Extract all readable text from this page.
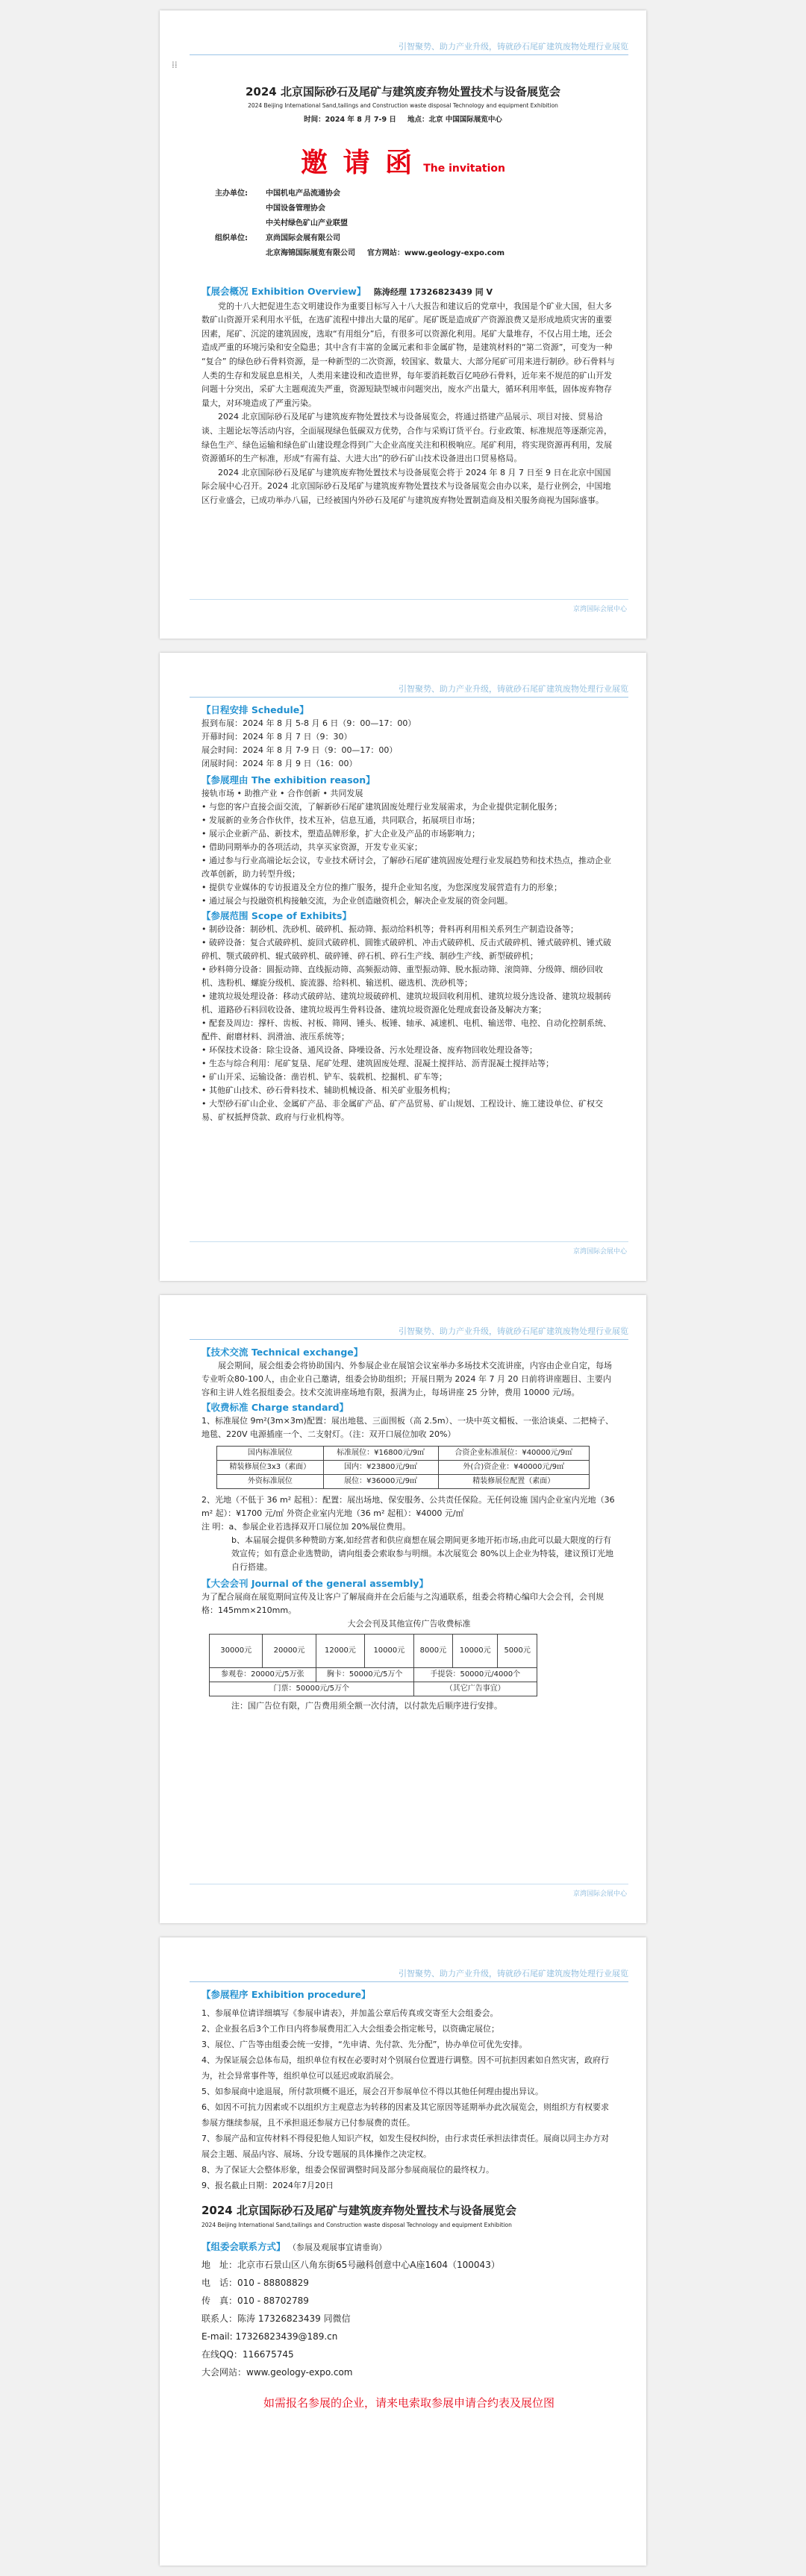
引智聚势、助力产业升级，铸就砂石尾矿建筑废物处理行业展览
⁞⁞
2024 北京国际砂石及尾矿与建筑废弃物处置技术与设备展览会
2024 Beijing International Sand,tailings and Construction waste disposal Technology and equipment Exhibition
时间：2024 年 8 月 7-9 日 地点：北京 中国国际展览中心
邀 请 函 The invitation
主办单位: 中国机电产品流通协会
中国设备管理协会
中关村绿色矿山产业联盟
组织单位: 京尚国际会展有限公司
北京海锦国际展览有限公司 官方网站：www.geology-expo.com
【展会概况 Exhibition Overview】 陈涛经理 17326823439 同 V

党的十八大把促进生态文明建设作为重要目标写入十八大报告和建议后的党章中，我国是个矿业大国，但大多数矿山资源开采利用水平低，在选矿流程中排出大量的尾矿。尾矿既是造成矿产资源浪费又是形成地质灾害的重要因素，尾矿、沉淀的建筑固废，选取“有用组分”后，有很多可以资源化利用。尾矿大量堆存，不仅占用土地，还会造成严重的环境污染和安全隐患；其中含有丰富的金属元素和非金属矿物，是建筑材料的“第二资源”，可变为一种 “复合” 的绿色砂石骨料资源，是一种新型的二次资源，较国家、数量大、大部分尾矿可用来进行制砂。砂石骨料与人类的生存和发展息息相关，人类用来建设和改造世界，每年要消耗数百亿吨砂石骨料，近年来不规范的矿山开发问题十分突出，采矿大主题观流失严重，资源短缺型城市问题突出，废水产出量大，循环利用率低，固体废弃物存量大，对环境造成了严重污染。

2024 北京国际砂石及尾矿与建筑废弃物处置技术与设备展览会，将通过搭建产品展示、项目对接、贸易洽谈、主题论坛等活动内容，全面展现绿色低碳双方优势，合作与采购订货平台。行业政策、标准规范等逐渐完善，绿色生产、绿色运输和绿色矿山建设理念得到广大企业高度关注和积极响应。尾矿利用，将实现资源再利用，发展资源循环的生产标准，形成“有需有益、大进大出”的砂石矿山技术设备进出口贸易格局。

2024 北京国际砂石及尾矿与建筑废弃物处置技术与设备展览会将于 2024 年 8 月 7 日至 9 日在北京中国国际会展中心召开。2024 北京国际砂石及尾矿与建筑废弃物处置技术与设备展览会由办以来，是行业例会，中国地区行业盛会，已成功举办八届，已经被国内外砂石及尾矿与建筑废弃物处置制造商及相关服务商视为国际盛事。

京湾国际会展中心
引智聚势、助力产业升级，铸就砂石尾矿建筑废物处理行业展览
【日程安排 Schedule】
报到布展：2024 年 8 月 5-8 月 6 日（9：00—17：00）
开幕时间：2024 年 8 月 7 日（9：30）
展会时间：2024 年 8 月 7-9 日（9：00—17：00）
闭展时间：2024 年 8 月 9 日（16：00）
【参展理由 The exhibition reason】
接轨市场 • 助推产业 • 合作创新 • 共同发展
• 与您的客户直接会面交流，了解新砂石尾矿建筑固废处理行业发展需求，为企业提供定制化服务；
• 发展新的业务合作伙伴，技术互补，信息互通，共同联合，拓展项目市场；
• 展示企业新产品、新技术，塑造品牌形象，扩大企业及产品的市场影响力；
• 借助同期举办的各项活动，共享买家资源，开发专业买家；
• 通过参与行业高端论坛会议，专业技术研讨会，了解砂石尾矿建筑固废处理行业发展趋势和技术热点，推动企业改革创新，助力转型升级；
• 提供专业媒体的专访报道及全方位的推广服务，提升企业知名度，为您深度发展营造有力的形象；
• 通过展会与投融资机构接触交流，为企业创造融资机会，解决企业发展的资金问题。
【参展范围 Scope of Exhibits】
• 制砂设备：制砂机、洗砂机、破碎机、振动筛、振动给料机等；骨料再利用相关系列生产制造设备等；
• 破碎设备：复合式破碎机、旋回式破碎机、圆锥式破碎机、冲击式破碎机、反击式破碎机、锤式破碎机、锤式破碎机、颚式破碎机、辊式破碎机、破碎锤、碎石机、碎石生产线、制砂生产线、新型破碎机；
• 砂料筛分设备：圆振动筛、直线振动筛、高频振动筛、重型振动筛、脱水振动筛、滚筒筛、分级筛、细砂回收机、选粉机、螺旋分级机、旋流器、给料机、输送机、磁选机、洗砂机等；
• 建筑垃圾处理设备：移动式破碎站、建筑垃圾破碎机、建筑垃圾回收利用机、建筑垃圾分选设备、建筑垃圾制砖机、道路砂石料回收设备、建筑垃圾再生骨料设备、建筑垃圾资源化处理成套设备及解决方案；
• 配套及周边：撑杆、齿板、衬板、筛网、锤头、板锤、轴承、减速机、电机、输送带、电控、自动化控制系统、配件、耐磨材料、润滑油、液压系统等；
• 环保技术设备：除尘设备、通风设备、降噪设备、污水处理设备、废弃物回收处理设备等；
• 生态与综合利用：尾矿复垦、尾矿处理、建筑固废处理、混凝土搅拌站、沥青混凝土搅拌站等；
• 矿山开采、运输设备：凿岩机、铲车、装载机、挖掘机、矿车等；
• 其他矿山技术、砂石骨料技术、辅助机械设备、相关矿业服务机构；
• 大型砂石矿山企业、金属矿产品、非金属矿产品、矿产品贸易、矿山规划、工程设计、施工建设单位、矿权交易、矿权抵押贷款、政府与行业机构等。
京湾国际会展中心
引智聚势、助力产业升级，铸就砂石尾矿建筑废物处理行业展览
【技术交流 Technical exchange】

展会期间，展会组委会将协助国内、外参展企业在展馆会议室举办多场技术交流讲座，内容由企业自定，每场专业听众80-100人，由企业自己邀请，组委会协助组织；开展日期为 2024 年 7 月 20 日前将讲座题目、主要内容和主讲人姓名报组委会。技术交流讲座场地有限，报满为止，每场讲座 25 分钟，费用 10000 元/场。

【收费标准 Charge standard】
1、标准展位 9m²(3m×3m)配置：展出地毯、三面围板（高 2.5m）、一块中英文楣板、一张洽谈桌、二把椅子、地毯、220V 电源插座一个、二支射灯。（注：双开口展位加收 20%）
国内标准展位	标准展位：¥16800元/9㎡	合资企业标准展位：¥40000元/9㎡
精装修展位3x3（素面）	国内：¥23800元/9㎡	外(合)资企业：¥40000元/9㎡
外资标准展位	展位：¥36000元/9㎡	精装修展位配置（素面）
2、光地（不低于 36 m² 起租）：配置：展出场地、保安服务、公共责任保险。无任何设施 国内企业室内光地（36 m² 起）：¥1700 元/㎡ 外资企业室内光地（36 m² 起租）：¥4000 元/㎡
注 明：a、参展企业若选择双开口展位加 20%展位费用。
b、本届展会提供多种赞助方案,如经营者和供应商想在展会期间更多地开拓市场,由此可以最大限度的行有效宣传；如有意企业选赞助，请向组委会索取参与明细。本次展览会 80%以上企业为特装，建议预订光地自行搭建。
【大会会刊 Journal of the general assembly】
为了配合展商在展览期间宣传及让客户了解展商并在会后能与之沟通联系，组委会将精心编印大会会刊，会刊规格：145mm×210mm。
大会会刊及其他宣传广告收费标准
30000元	20000元	12000元	10000元	8000元	10000元	5000元
参观卷：20000元/5万张		胸卡：50000元/5万个		手提袋：50000元/4000个		
门票：50000元/5万个				（其它广告事宜）		
注：国广告位有限，广告费用须全额一次付清，以付款先后顺序进行安排。
京湾国际会展中心
引智聚势、助力产业升级，铸就砂石尾矿建筑废物处理行业展览
【参展程序 Exhibition procedure】
1、参展单位请详细填写《参展申请表》，并加盖公章后传真或交寄至大会组委会。
2、企业报名后3个工作日内将参展费用汇入大会组委会指定帐号，以资确定展位；
3、展位、广告等由组委会统一安排，“先申请、先付款、先分配”，协办单位可优先安排。
4、为保证展会总体布局，组织单位有权在必要时对个别展台位置进行调整。因不可抗拒因素如自然灾害，政府行为，社会异常事件等，组织单位可以延迟或取消展会。
5、如参展商中途退展，所付款项概不退还，展会召开参展单位不得以其他任何理由提出异议。
6、如因不可抗力因素或不以组织方主观意志为转移的因素及其它原因等延期举办此次展览会，则组织方有权要求参展方继续参展，且不承担退还参展方已付参展费的责任。
7、参展产品和宣传材料不得侵犯他人知识产权，如发生侵权纠纷，由行求责任承担法律责任。展商以同主办方对展会主题、展品内容、展场、分设专题展的具体操作之决定权。
8、为了保证大会整体形象，组委会保留调整时间及部分参展商展位的最终权力。
9、报名截止日期：2024年7月20日
2024 北京国际砂石及尾矿与建筑废弃物处置技术与设备展览会
2024 Beijing International Sand,tailings and Construction waste disposal Technology and equipment Exhibition
【组委会联系方式】 （参展及观展事宜请垂询）
地　址：北京市石景山区八角东街65号融科创意中心A座1604（100043）
电　话：010 - 88808829
传　真：010 - 88702789
联系人：陈涛 17326823439 同微信
E-mail: 17326823439@189.cn
在线QQ：116675745
大会网站：www.geology-expo.com
如需报名参展的企业，请来电索取参展申请合约表及展位图
